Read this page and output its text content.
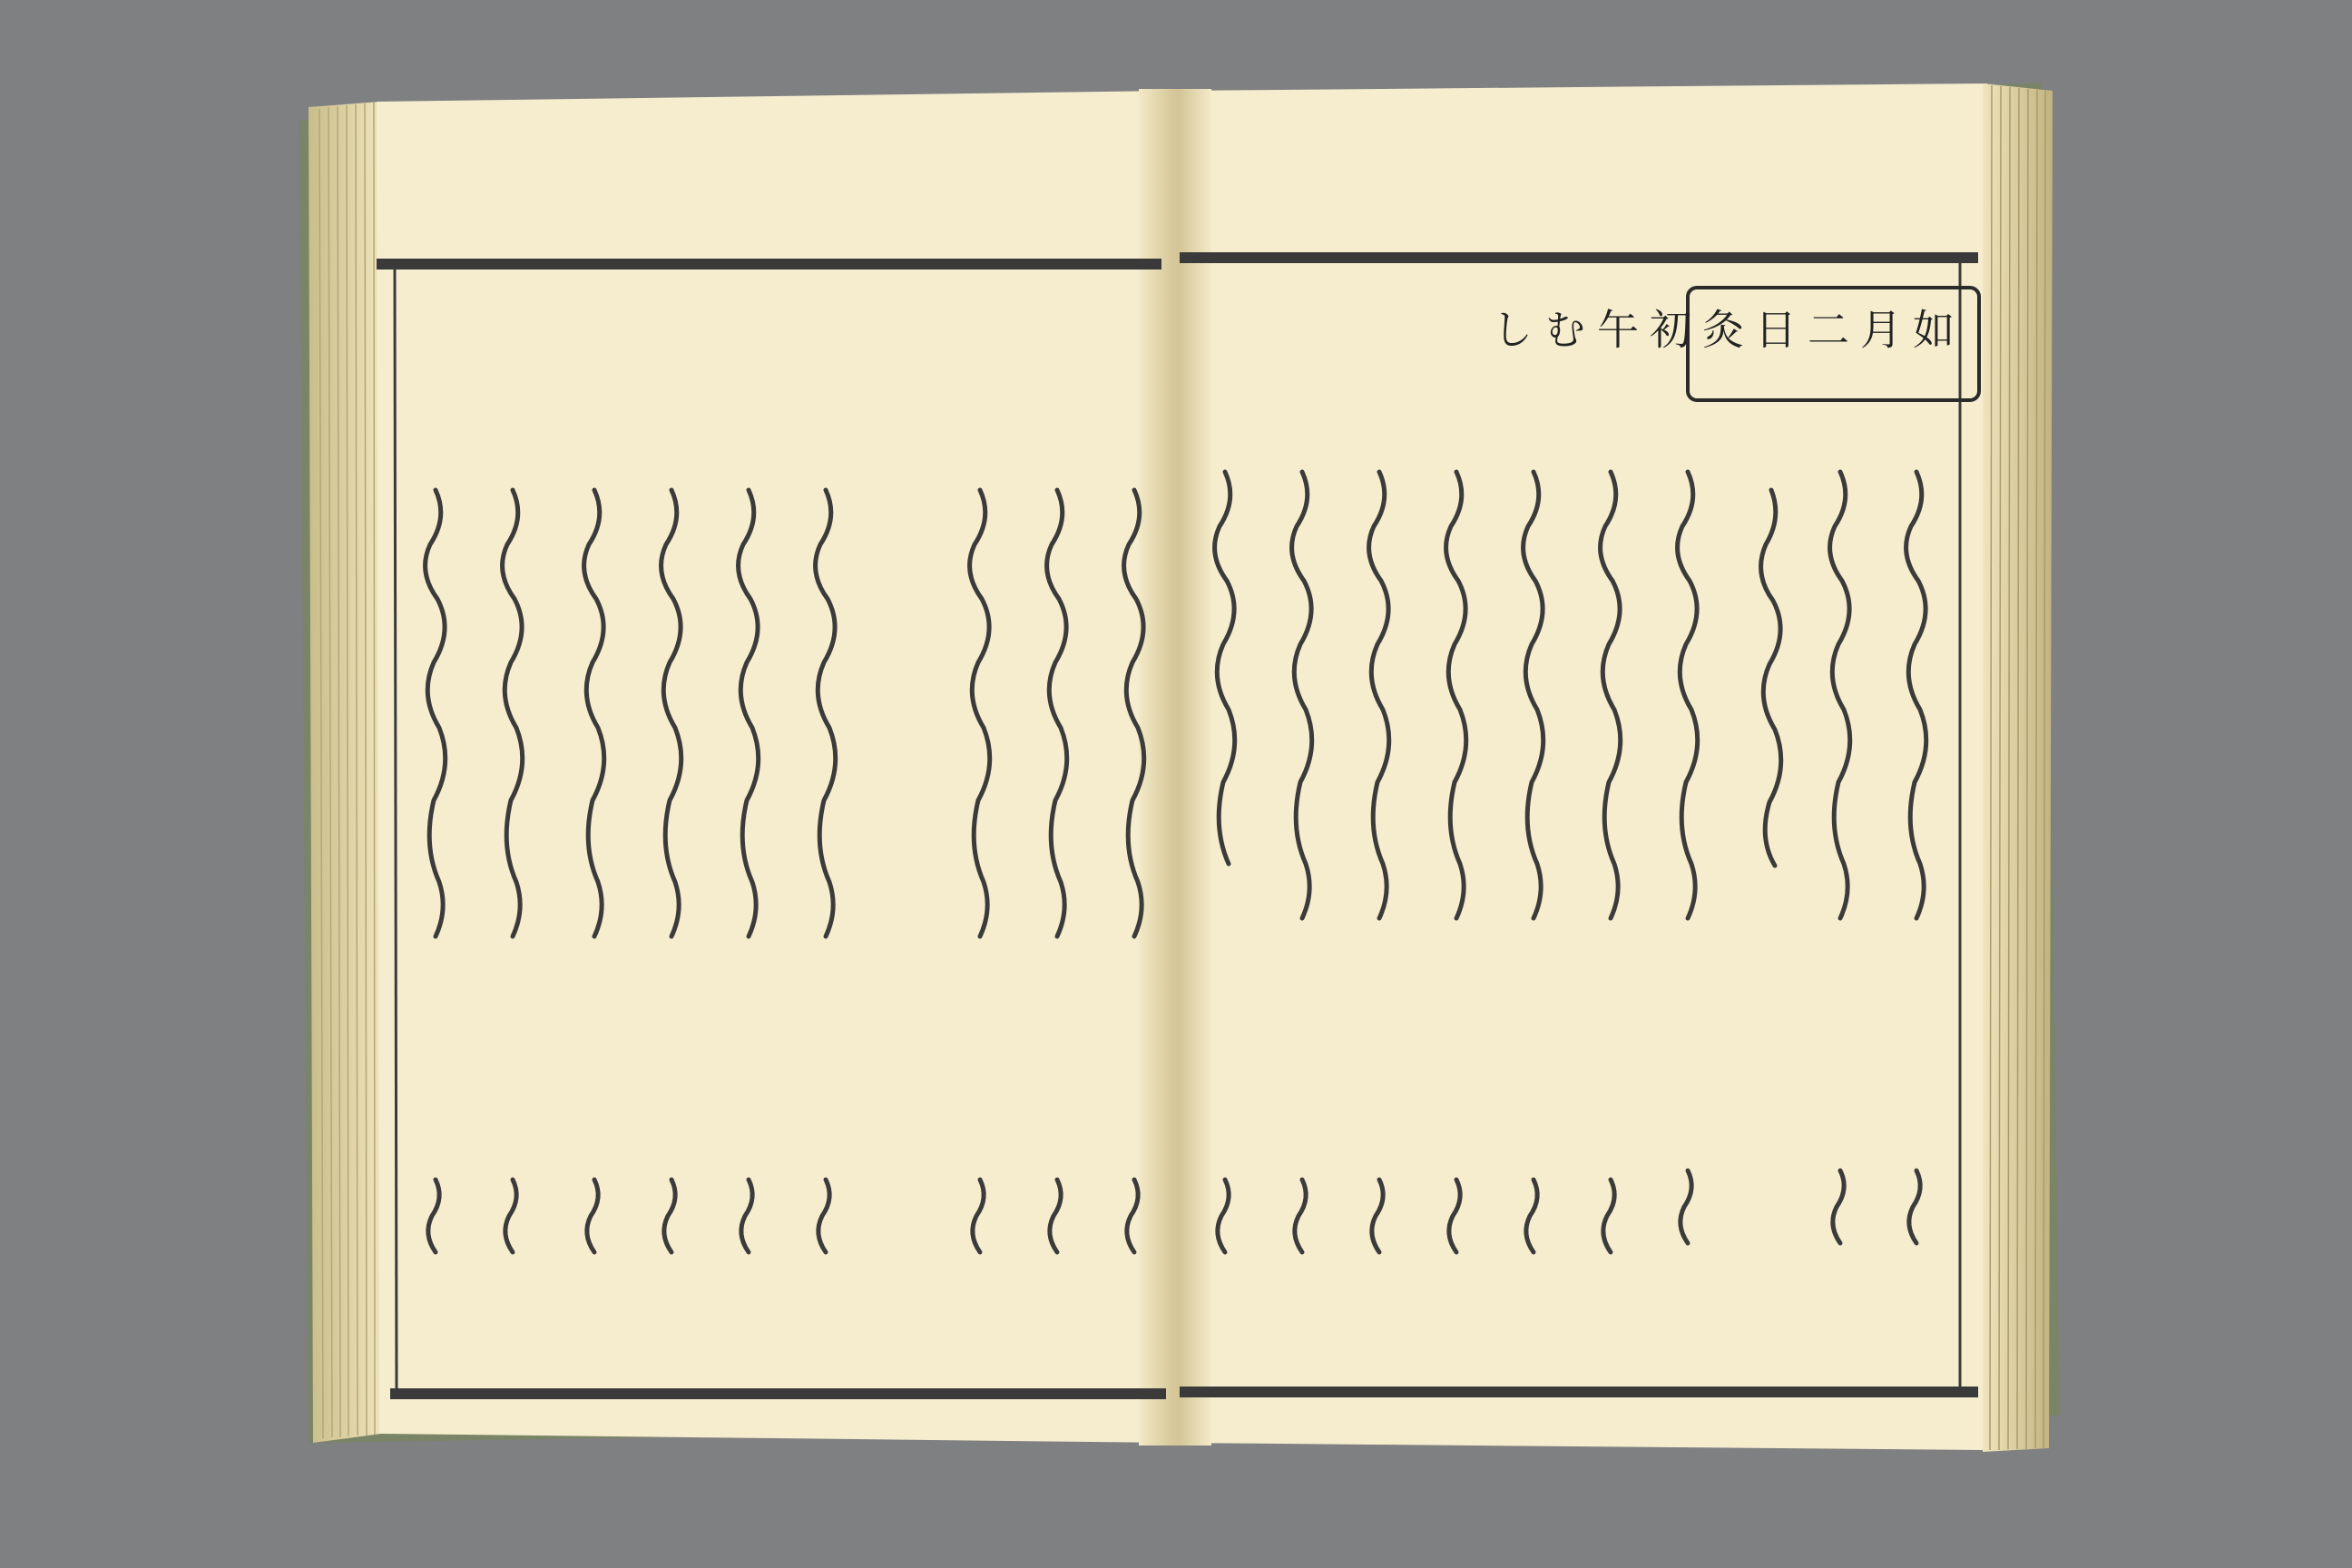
如月
二日灸
初午
むし
